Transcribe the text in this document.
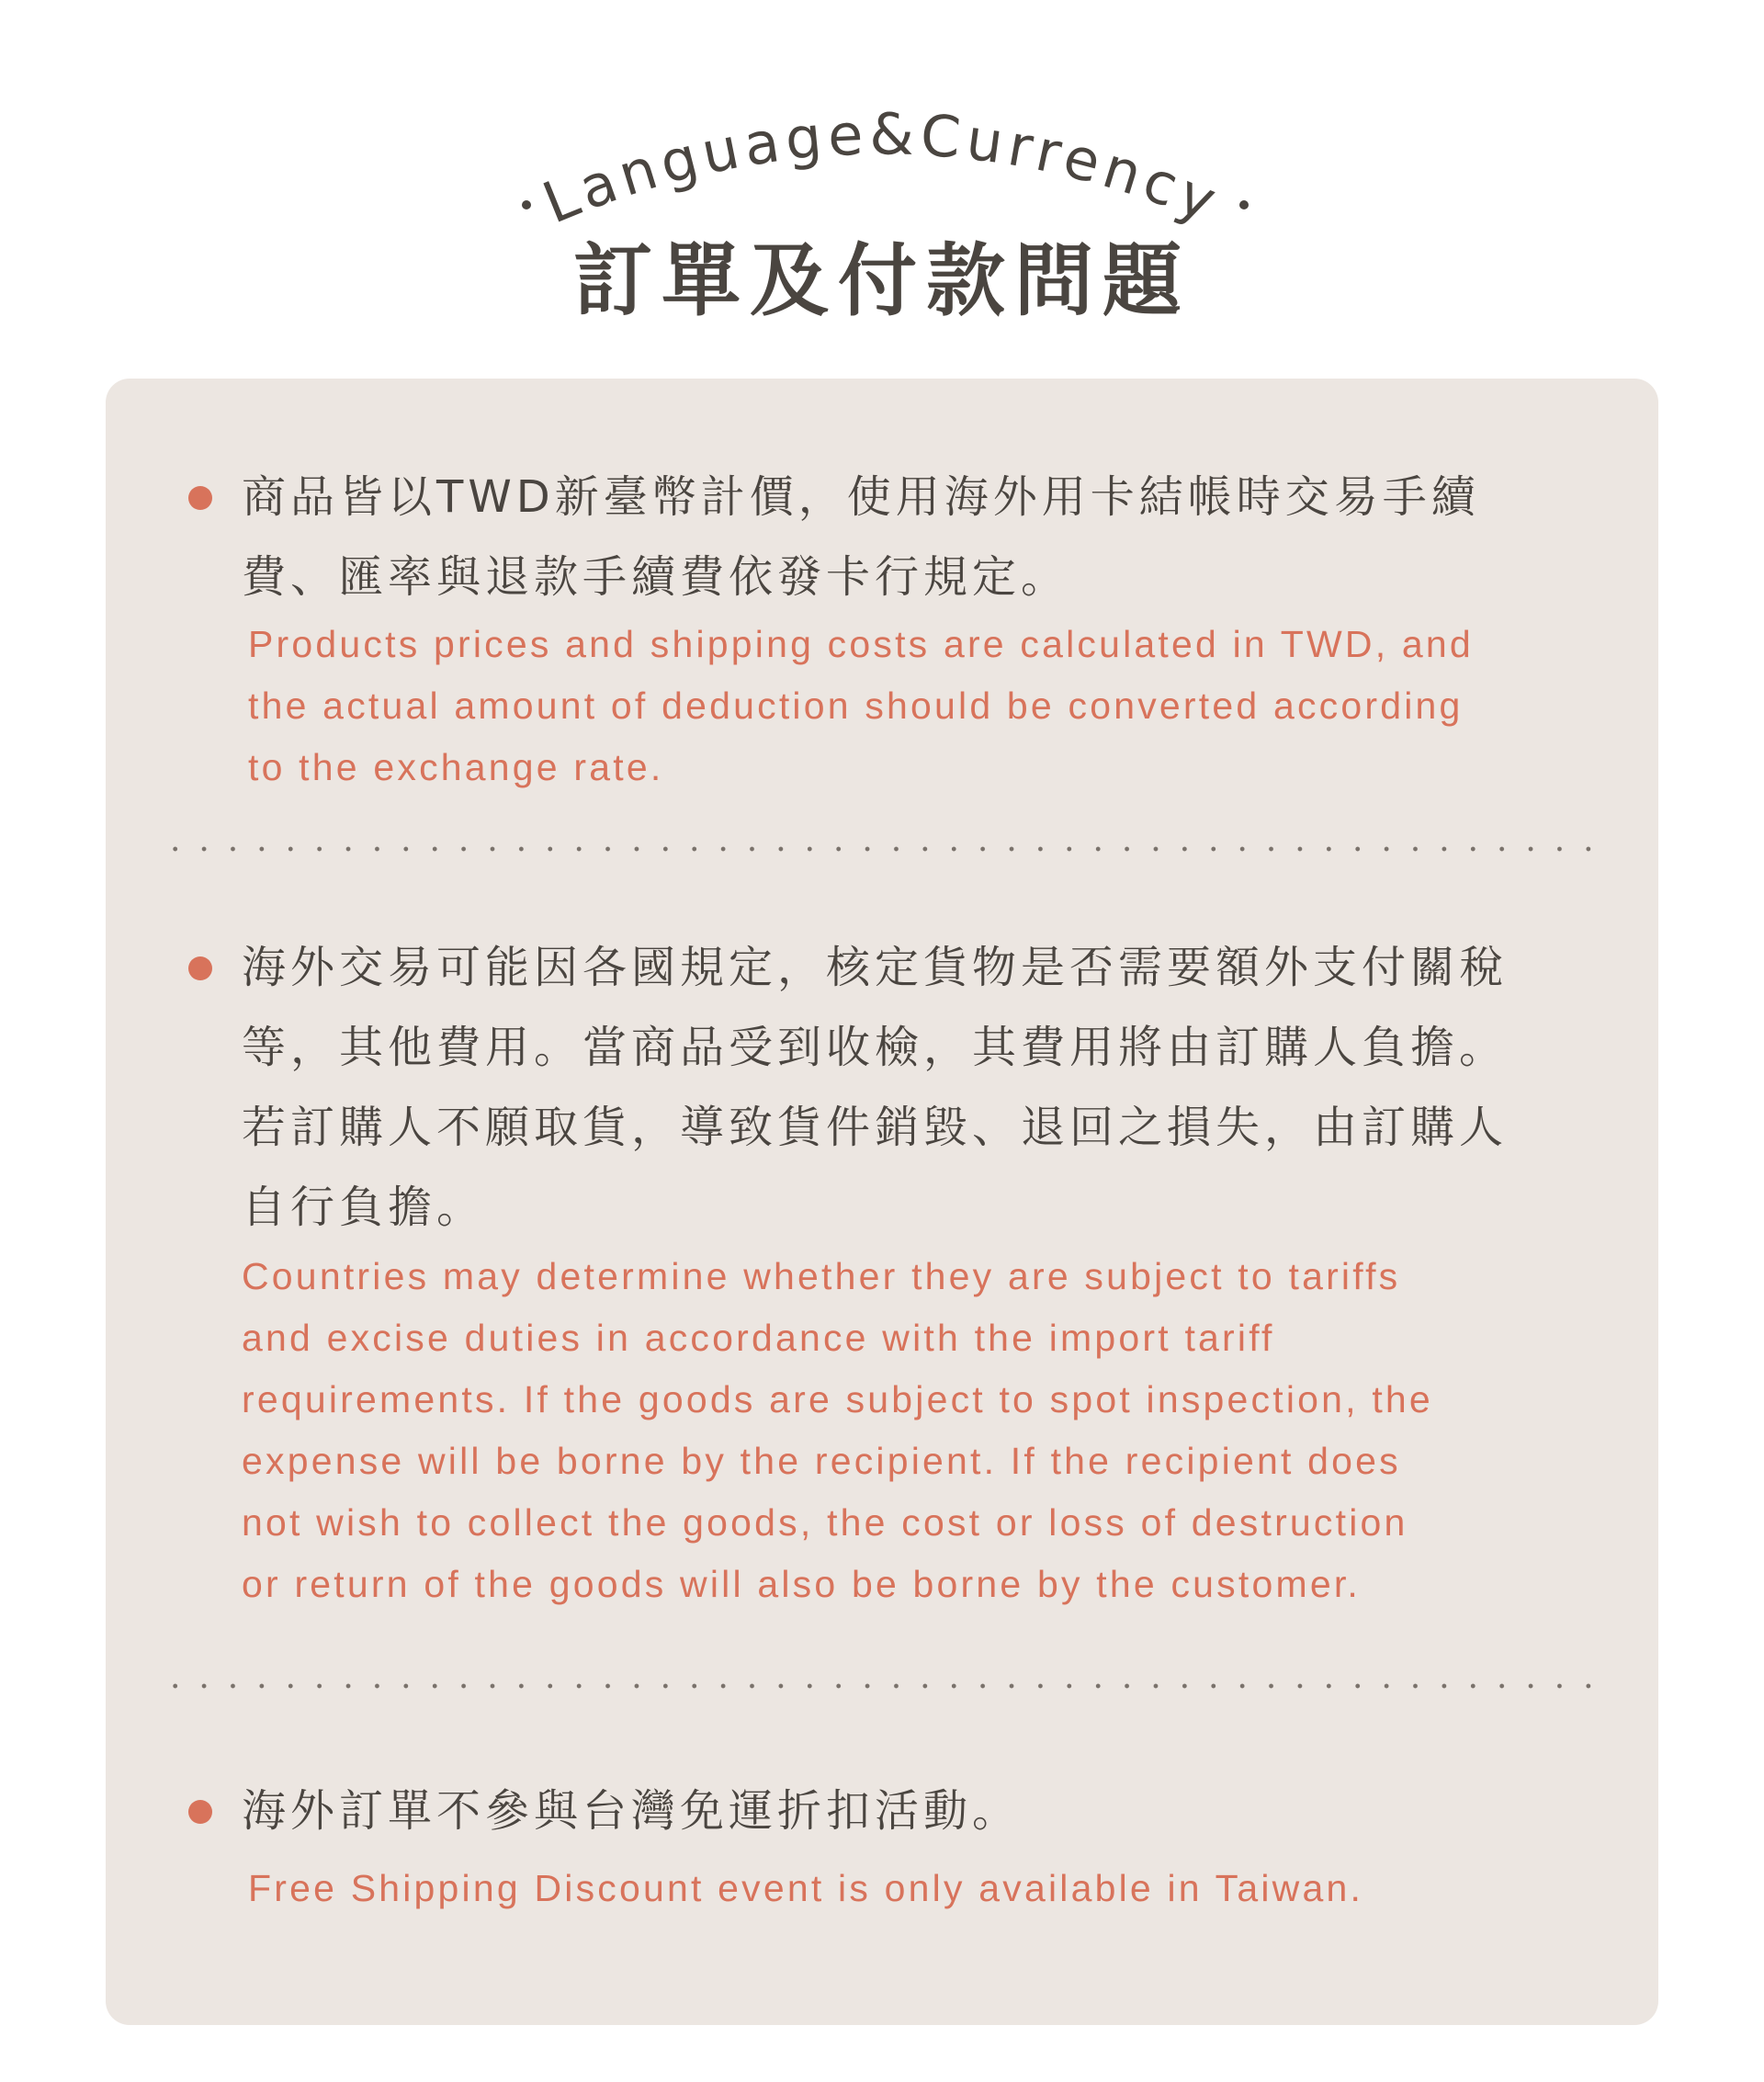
Language&Currency
訂單及付款問題
商品皆以TWD新臺幣計價，使用海外用卡結帳時交易手續
費、匯率與退款手續費依發卡行規定。
Products prices and shipping costs are calculated in TWD, and
the actual amount of deduction should be converted according
to the exchange rate.
海外交易可能因各國規定，核定貨物是否需要額外支付關稅
等，其他費用。當商品受到收檢，其費用將由訂購人負擔。
若訂購人不願取貨，導致貨件銷毀、退回之損失，由訂購人
自行負擔。
Countries may determine whether they are subject to tariffs
and excise duties in accordance with the import tariff
requirements. If the goods are subject to spot inspection, the
expense will be borne by the recipient. If the recipient does
not wish to collect the goods, the cost or loss of destruction
or return of the goods will also be borne by the customer.
海外訂單不參與台灣免運折扣活動。
Free Shipping Discount event is only available in Taiwan.
